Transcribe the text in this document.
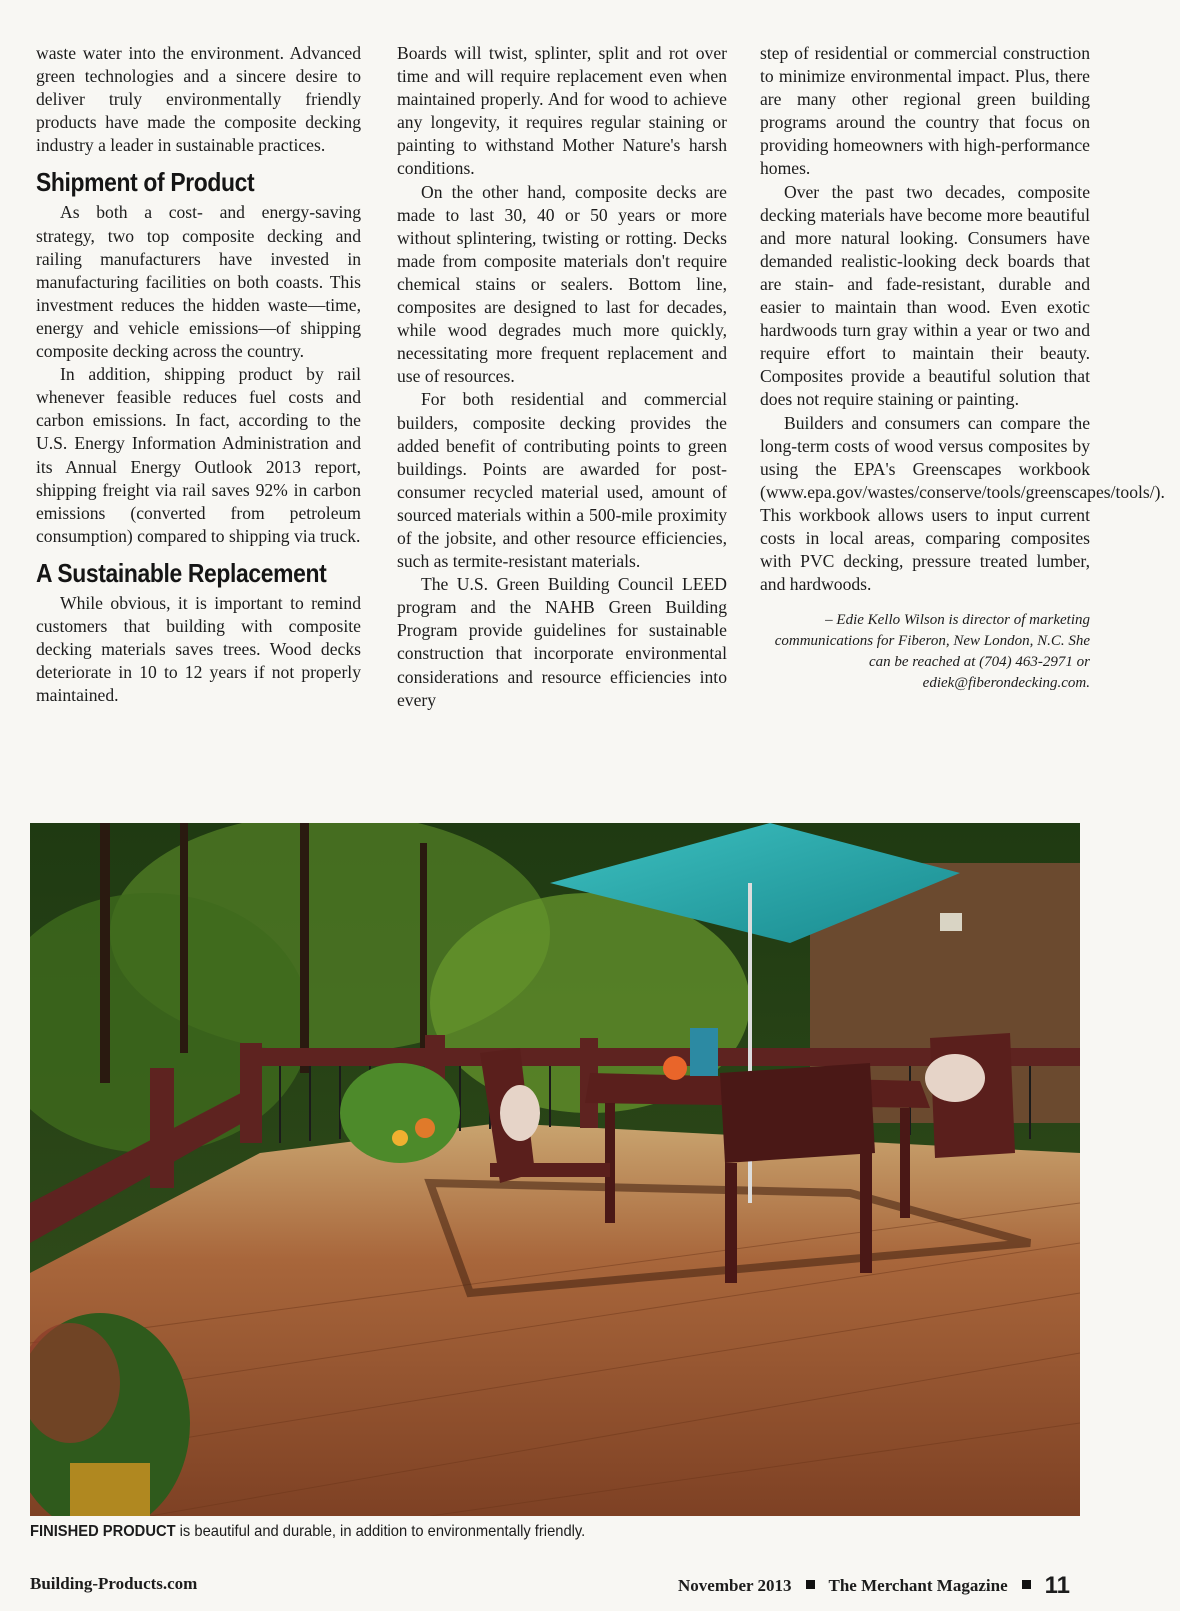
waste water into the environment. Advanced green technologies and a sincere desire to deliver truly environmentally friendly products have made the composite decking industry a leader in sustainable practices.

Shipment of Product

As both a cost- and energy-saving strategy, two top composite decking and railing manufacturers have invested in manufacturing facilities on both coasts. This investment reduces the hidden waste—time, energy and vehicle emissions—of shipping composite decking across the country.

In addition, shipping product by rail whenever feasible reduces fuel costs and carbon emissions. In fact, according to the U.S. Energy Information Administration and its Annual Energy Outlook 2013 report, shipping freight via rail saves 92% in carbon emissions (converted from petroleum consumption) compared to shipping via truck.

A Sustainable Replacement

While obvious, it is important to remind customers that building with composite decking materials saves trees. Wood decks deteriorate in 10 to 12 years if not properly maintained.

Boards will twist, splinter, split and rot over time and will require replacement even when maintained properly. And for wood to achieve any longevity, it requires regular staining or painting to withstand Mother Nature's harsh conditions.

On the other hand, composite decks are made to last 30, 40 or 50 years or more without splintering, twisting or rotting. Decks made from composite materials don't require chemical stains or sealers. Bottom line, composites are designed to last for decades, while wood degrades much more quickly, necessitating more frequent replacement and use of resources.

For both residential and commercial builders, composite decking provides the added benefit of contributing points to green buildings. Points are awarded for post-consumer recycled material used, amount of sourced materials within a 500-mile proximity of the jobsite, and other resource efficiencies, such as termite-resistant materials.

The U.S. Green Building Council LEED program and the NAHB Green Building Program provide guidelines for sustainable construction that incorporate environmental considerations and resource efficiencies into every

step of residential or commercial construction to minimize environmental impact. Plus, there are many other regional green building programs around the country that focus on providing homeowners with high-performance homes.

Over the past two decades, composite decking materials have become more beautiful and more natural looking. Consumers have demanded realistic-looking deck boards that are stain- and fade-resistant, durable and easier to maintain than wood. Even exotic hardwoods turn gray within a year or two and require effort to maintain their beauty. Composites provide a beautiful solution that does not require staining or painting.

Builders and consumers can compare the long-term costs of wood versus composites by using the EPA's Greenscapes workbook (www.epa.gov/wastes/conserve/tools/greenscapes/tools/). This workbook allows users to input current costs in local areas, comparing composites with PVC decking, pressure treated lumber, and hardwoods.

– Edie Kello Wilson is director of marketing communications for Fiberon, New London, N.C. She can be reached at (704) 463-2971 or ediek@fiberondecking.com.
FINISHED PRODUCT is beautiful and durable, in addition to environmentally friendly.
Building-Products.com	November 2013 The Merchant Magazine 11
